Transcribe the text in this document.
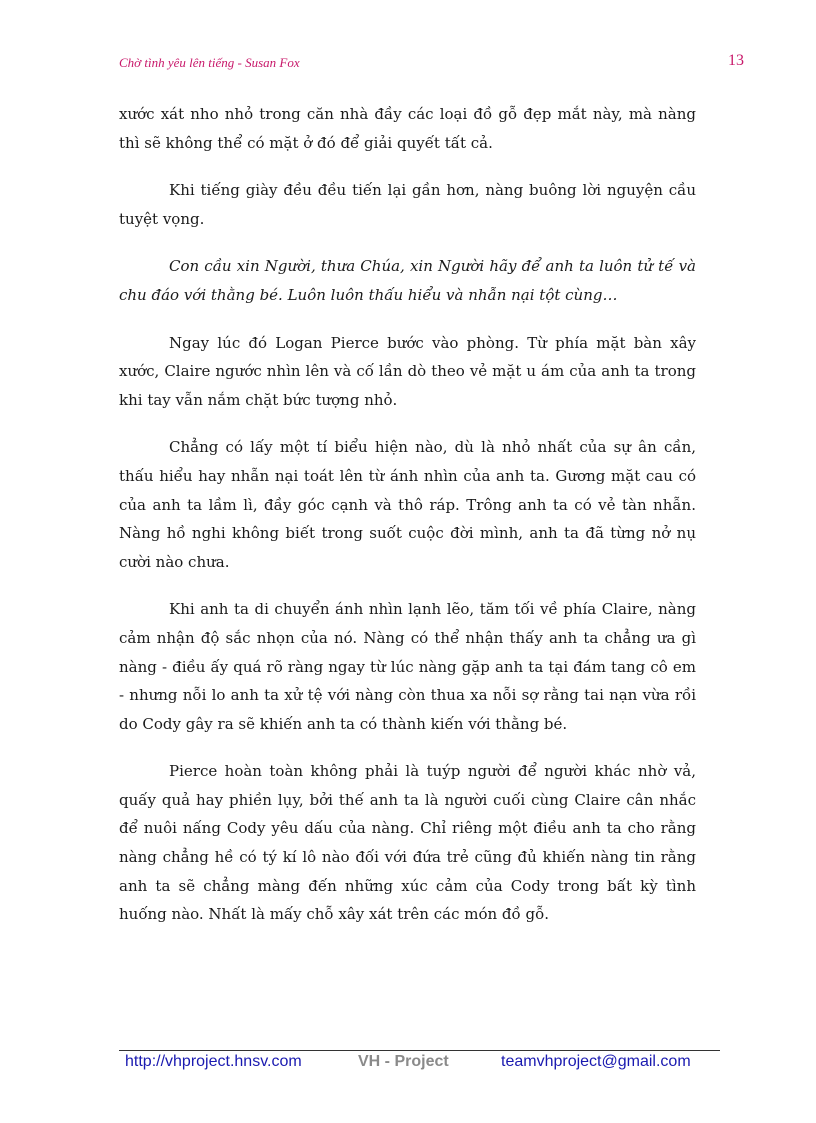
Chờ tình yêu lên tiếng - Susan Fox	13

xước xát nho nhỏ trong căn nhà đầy các loại đồ gỗ đẹp mắt này, mà nàng thì sẽ không thể có mặt ở đó để giải quyết tất cả.

Khi tiếng giày đều đều tiến lại gần hơn, nàng buông lời nguyện cầu tuyệt vọng.

Con cầu xin Người, thưa Chúa, xin Người hãy để anh ta luôn tử tế và chu đáo với thằng bé. Luôn luôn thấu hiểu và nhẫn nại tột cùng…

Ngay lúc đó Logan Pierce bước vào phòng. Từ phía mặt bàn xây xước, Claire ngước nhìn lên và cố lần dò theo vẻ mặt u ám của anh ta trong khi tay vẫn nắm chặt bức tượng nhỏ.

Chẳng có lấy một tí biểu hiện nào, dù là nhỏ nhất của sự ân cần, thấu hiểu hay nhẫn nại toát lên từ ánh nhìn của anh ta. Gương mặt cau có của anh ta lầm lì, đầy góc cạnh và thô ráp. Trông anh ta có vẻ tàn nhẫn. Nàng hồ nghi không biết trong suốt cuộc đời mình, anh ta đã từng nở nụ cười nào chưa.

Khi anh ta di chuyển ánh nhìn lạnh lẽo, tăm tối về phía Claire, nàng cảm nhận độ sắc nhọn của nó. Nàng có thể nhận thấy anh ta chẳng ưa gì nàng - điều ấy quá rõ ràng ngay từ lúc nàng gặp anh ta tại đám tang cô em - nhưng nỗi lo anh ta xử tệ với nàng còn thua xa nỗi sợ rằng tai nạn vừa rồi do Cody gây ra sẽ khiến anh ta có thành kiến với thằng bé.

Pierce hoàn toàn không phải là tuýp người để người khác nhờ vả, quấy quả hay phiền lụy, bởi thế anh ta là người cuối cùng Claire cân nhắc để nuôi nấng Cody yêu dấu của nàng. Chỉ riêng một điều anh ta cho rằng nàng chẳng hề có tý kí lô nào đối với đứa trẻ cũng đủ khiến nàng tin rằng anh ta sẽ chẳng màng đến những xúc cảm của Cody trong bất kỳ tình huống nào. Nhất là mấy chỗ xây xát trên các món đồ gỗ.

http://vhproject.hnsv.com	VH - Project	teamvhproject@gmail.com
